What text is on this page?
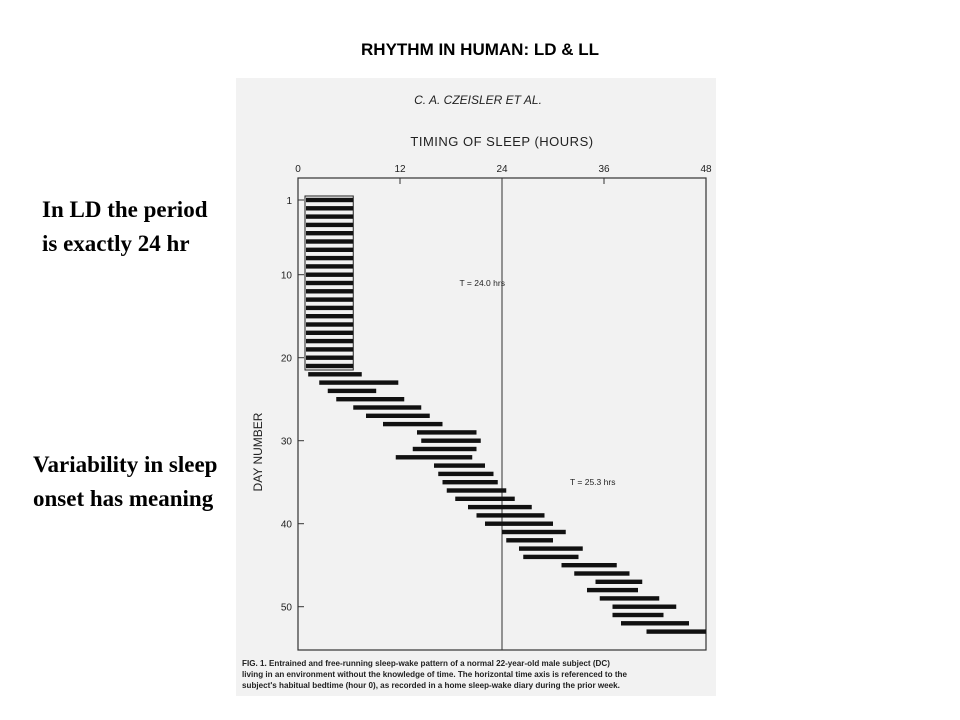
RHYTHM IN HUMAN: LD & LL
C. A. CZEISLER ET AL.
TIMING OF SLEEP (HOURS)
DAY NUMBER
0	12	24	36	48
1
10
20
30
40
50
T = 24.0 hrs
T = 25.3 hrs
FIG. 1. Entrained and free-running sleep-wake pattern of a normal 22-year-old male subject (DC)
living in an environment without the knowledge of time. The horizontal time axis is referenced to the
subject's habitual bedtime (hour 0), as recorded in a home sleep-wake diary during the prior week.
In LD the period
is exactly 24 hr
Variability in sleep
onset has meaning
